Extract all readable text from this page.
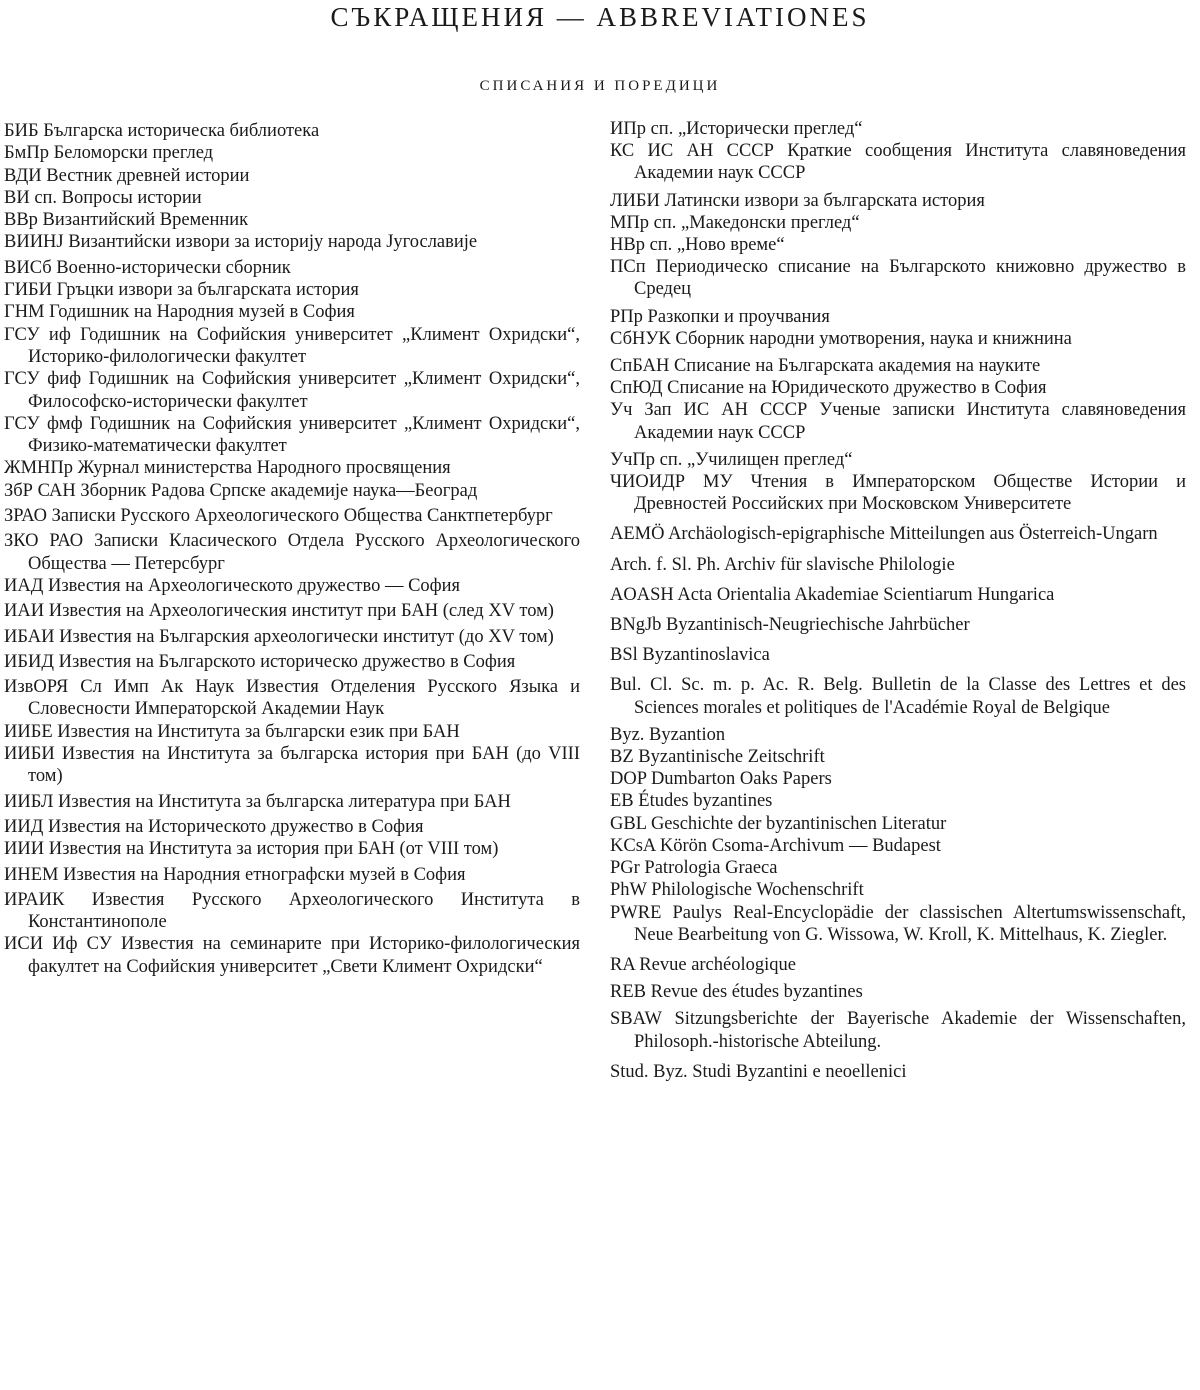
СЪКРАЩЕНИЯ — ABBREVIATIONES
СПИСАНИЯ И ПОРЕДИЦИ

БИБ Българска историческа библиотека

БмПр Беломорски преглед

ВДИ Вестник древней истории

ВИ сп. Вопросы истории

ВВр Византийский Временник

ВИИНЈ Византийски извори за историју народа Југославије

ВИСб Военно-исторически сборник

ГИБИ Гръцки извори за българската история

ГНМ Годишник на Народния музей в София

ГСУ иф Годишник на Софийския университет „Климент Охридски“, Историко-филологически факултет

ГСУ фиф Годишник на Софийския университет „Климент Охридски“, Философско-исторически факултет

ГСУ фмф Годишник на Софийския университет „Климент Охридски“, Физико-математически факултет

ЖМНПр Журнал министерства Народного просвящения

ЗбР САН Зборник Радова Српске академије наука—Београд

ЗРАО Записки Русского Археологического Общества Санктпетербург

ЗКО РАО Записки Класического Отдела Русского Археологического Общества — Петерсбург

ИАД Известия на Археологическото дружество — София

ИАИ Известия на Археологическия институт при БАН (след XV том)

ИБАИ Известия на Българския археологически институт (до XV том)

ИБИД Известия на Българското историческо дружество в София

ИзвОРЯ Сл Имп Ак Наук Известия Отделения Русского Языка и Словесности Императорской Академии Наук

ИИБЕ Известия на Института за български език при БАН

ИИБИ Известия на Института за българска история при БАН (до VIII том)

ИИБЛ Известия на Института за българска литература при БАН

ИИД Известия на Историческото дружество в София

ИИИ Известия на Института за история при БАН (от VIII том)

ИНЕМ Известия на Народния етнографски музей в София

ИРАИК Известия Русского Археологического Института в Константинополе

ИСИ Иф СУ Известия на семинарите при Историко-филологическия факултет на Софийския университет „Свети Климент Охридски“

ИПр сп. „Исторически преглед“

КС ИС АН СССР Краткие сообщения Института славяноведения Академии наук СССР

ЛИБИ Латински извори за българската история

МПр сп. „Македонски преглед“

НВр сп. „Ново време“

ПСп Периодическо списание на Българското книжовно дружество в Средец

РПр Разкопки и проучвания

СбНУК Сборник народни умотворения, наука и книжнина

СпБАН Списание на Българската академия на науките

СпЮД Списание на Юридическото дружество в София

Уч Зап ИС АН СССР Ученые записки Института славяноведения Академии наук СССР

УчПр сп. „Училищен преглед“

ЧИОИДР МУ Чтения в Императорском Обществе Истории и Древностей Российских при Московском Университете

AEMÖ Archäologisch-epigraphische Mitteilungen aus Österreich-Ungarn

Arch. f. Sl. Ph. Archiv für slavische Philologie

AOASH Acta Orientalia Akademiae Scientiarum Hungarica

BNgJb Byzantinisch-Neugriechische Jahrbücher

BSl Byzantinoslavica

Bul. Cl. Sc. m. p. Ac. R. Belg. Bulletin de la Classe des Lettres et des Sciences morales et politiques de l'Académie Royal de Belgique

Byz. Byzantion

BZ Byzantinische Zeitschrift

DOP Dumbarton Oaks Papers

EB Études byzantines

GBL Geschichte der byzantinischen Literatur

KCsA Körön Csoma-Archivum — Budapest

PGr Patrologia Graeca

PhW Philologische Wochenschrift

PWRE Paulys Real-Encyclopädie der classischen Altertumswissenschaft, Neue Bearbeitung von G. Wissowa, W. Kroll, K. Mittelhaus, K. Ziegler.

RA Revue archéologique

REB Revue des études byzantines

SBAW Sitzungsberichte der Bayerische Akademie der Wissenschaften, Philosoph.-historische Abteilung.

Stud. Byz. Studi Byzantini e neoellenici
